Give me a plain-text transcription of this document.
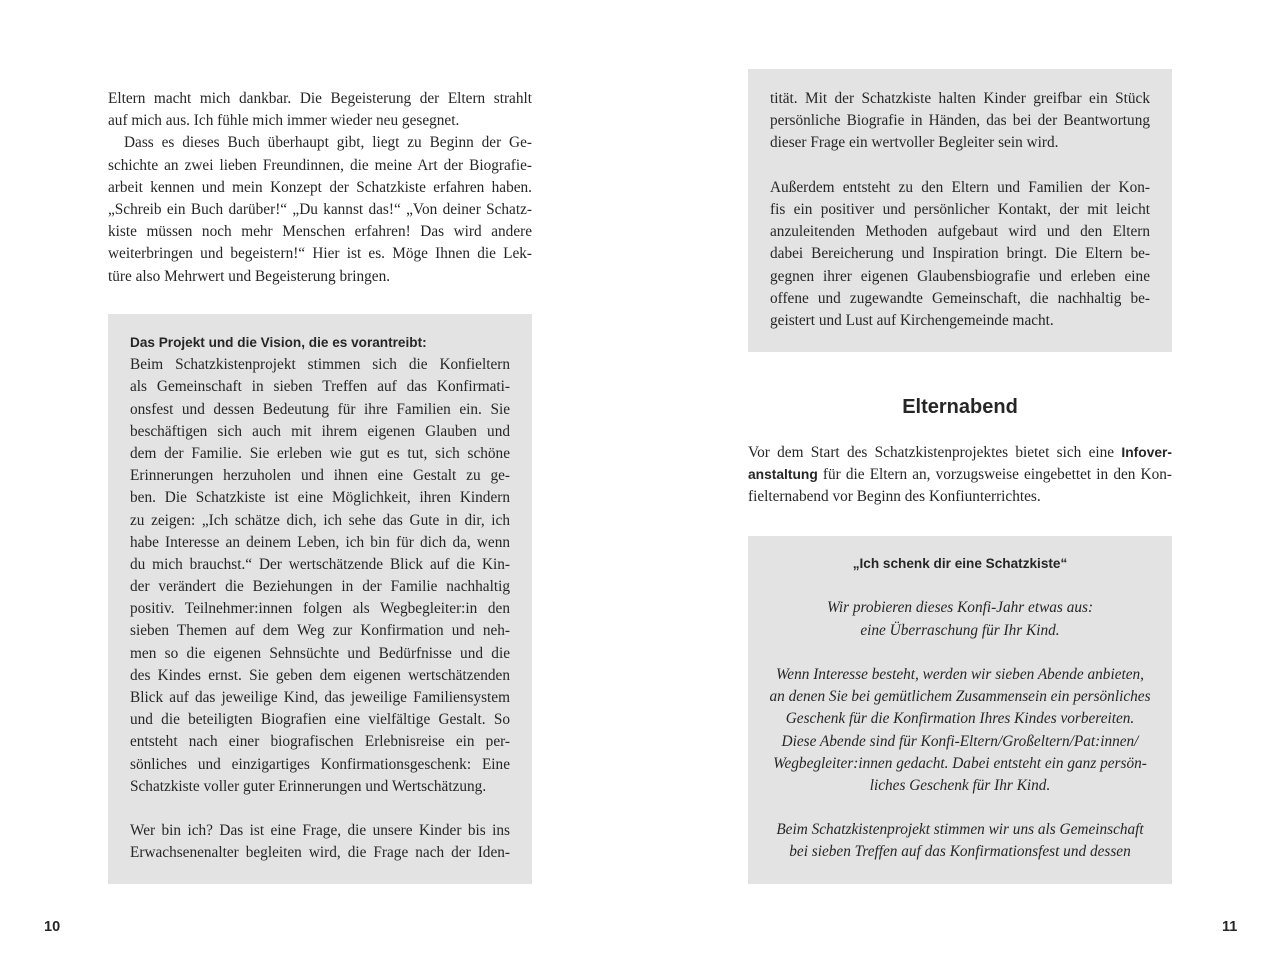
Eltern macht mich dankbar. Die Begeisterung der Eltern strahlt
auf mich aus. Ich fühle mich immer wieder neu gesegnet.
Dass es dieses Buch überhaupt gibt, liegt zu Beginn der Ge-
schichte an zwei lieben Freundinnen, die meine Art der Biografie-
arbeit kennen und mein Konzept der Schatzkiste erfahren haben.
„Schreib ein Buch darüber!“ „Du kannst das!“ „Von deiner Schatz-
kiste müssen noch mehr Menschen erfahren! Das wird andere
weiterbringen und begeistern!“ Hier ist es. Möge Ihnen die Lek-
türe also Mehrwert und Begeisterung bringen.
Das Projekt und die Vision, die es vorantreibt:
Beim Schatzkistenprojekt stimmen sich die Konfieltern
als Gemeinschaft in sieben Treffen auf das Konfirmati-
onsfest und dessen Bedeutung für ihre Familien ein. Sie
beschäftigen sich auch mit ihrem eigenen Glauben und
dem der Familie. Sie erleben wie gut es tut, sich schöne
Erinnerungen herzuholen und ihnen eine Gestalt zu ge-
ben. Die Schatzkiste ist eine Möglichkeit, ihren Kindern
zu zeigen: „Ich schätze dich, ich sehe das Gute in dir, ich
habe Interesse an deinem Leben, ich bin für dich da, wenn
du mich brauchst.“ Der wertschätzende Blick auf die Kin-
der verändert die Beziehungen in der Familie nachhaltig
positiv. Teilnehmer:innen folgen als Wegbegleiter:in den
sieben Themen auf dem Weg zur Konfirmation und neh-
men so die eigenen Sehnsüchte und Bedürfnisse und die
des Kindes ernst. Sie geben dem eigenen wertschätzenden
Blick auf das jeweilige Kind, das jeweilige Familiensystem
und die beteiligten Biografien eine vielfältige Gestalt. So
entsteht nach einer biografischen Erlebnisreise ein per-
sönliches und einzigartiges Konfirmationsgeschenk: Eine
Schatzkiste voller guter Erinnerungen und Wertschätzung.
Wer bin ich? Das ist eine Frage, die unsere Kinder bis ins
Erwachsenenalter begleiten wird, die Frage nach der Iden-
10
tität. Mit der Schatzkiste halten Kinder greifbar ein Stück
persönliche Biografie in Händen, das bei der Beantwortung
dieser Frage ein wertvoller Begleiter sein wird.
Außerdem entsteht zu den Eltern und Familien der Kon-
fis ein positiver und persönlicher Kontakt, der mit leicht
anzuleitenden Methoden aufgebaut wird und den Eltern
dabei Bereicherung und Inspiration bringt. Die Eltern be-
gegnen ihrer eigenen Glaubensbiografie und erleben eine
offene und zugewandte Gemeinschaft, die nachhaltig be-
geistert und Lust auf Kirchengemeinde macht.
Elternabend
Vor dem Start des Schatzkistenprojektes bietet sich eine Infover-
anstaltung für die Eltern an, vorzugsweise eingebettet in den Kon-
fielternabend vor Beginn des Konfiunterrichtes.
„Ich schenk dir eine Schatzkiste“
Wir probieren dieses Konfi-Jahr etwas aus:
eine Überraschung für Ihr Kind.
Wenn Interesse besteht, werden wir sieben Abende anbieten,
an denen Sie bei gemütlichem Zusammensein ein persönliches
Geschenk für die Konfirmation Ihres Kindes vorbereiten.
Diese Abende sind für Konfi-Eltern/Großeltern/Pat:innen/
Wegbegleiter:innen gedacht. Dabei entsteht ein ganz persön-
liches Geschenk für Ihr Kind.
Beim Schatzkistenprojekt stimmen wir uns als Gemeinschaft
bei sieben Treffen auf das Konfirmationsfest und dessen
11
